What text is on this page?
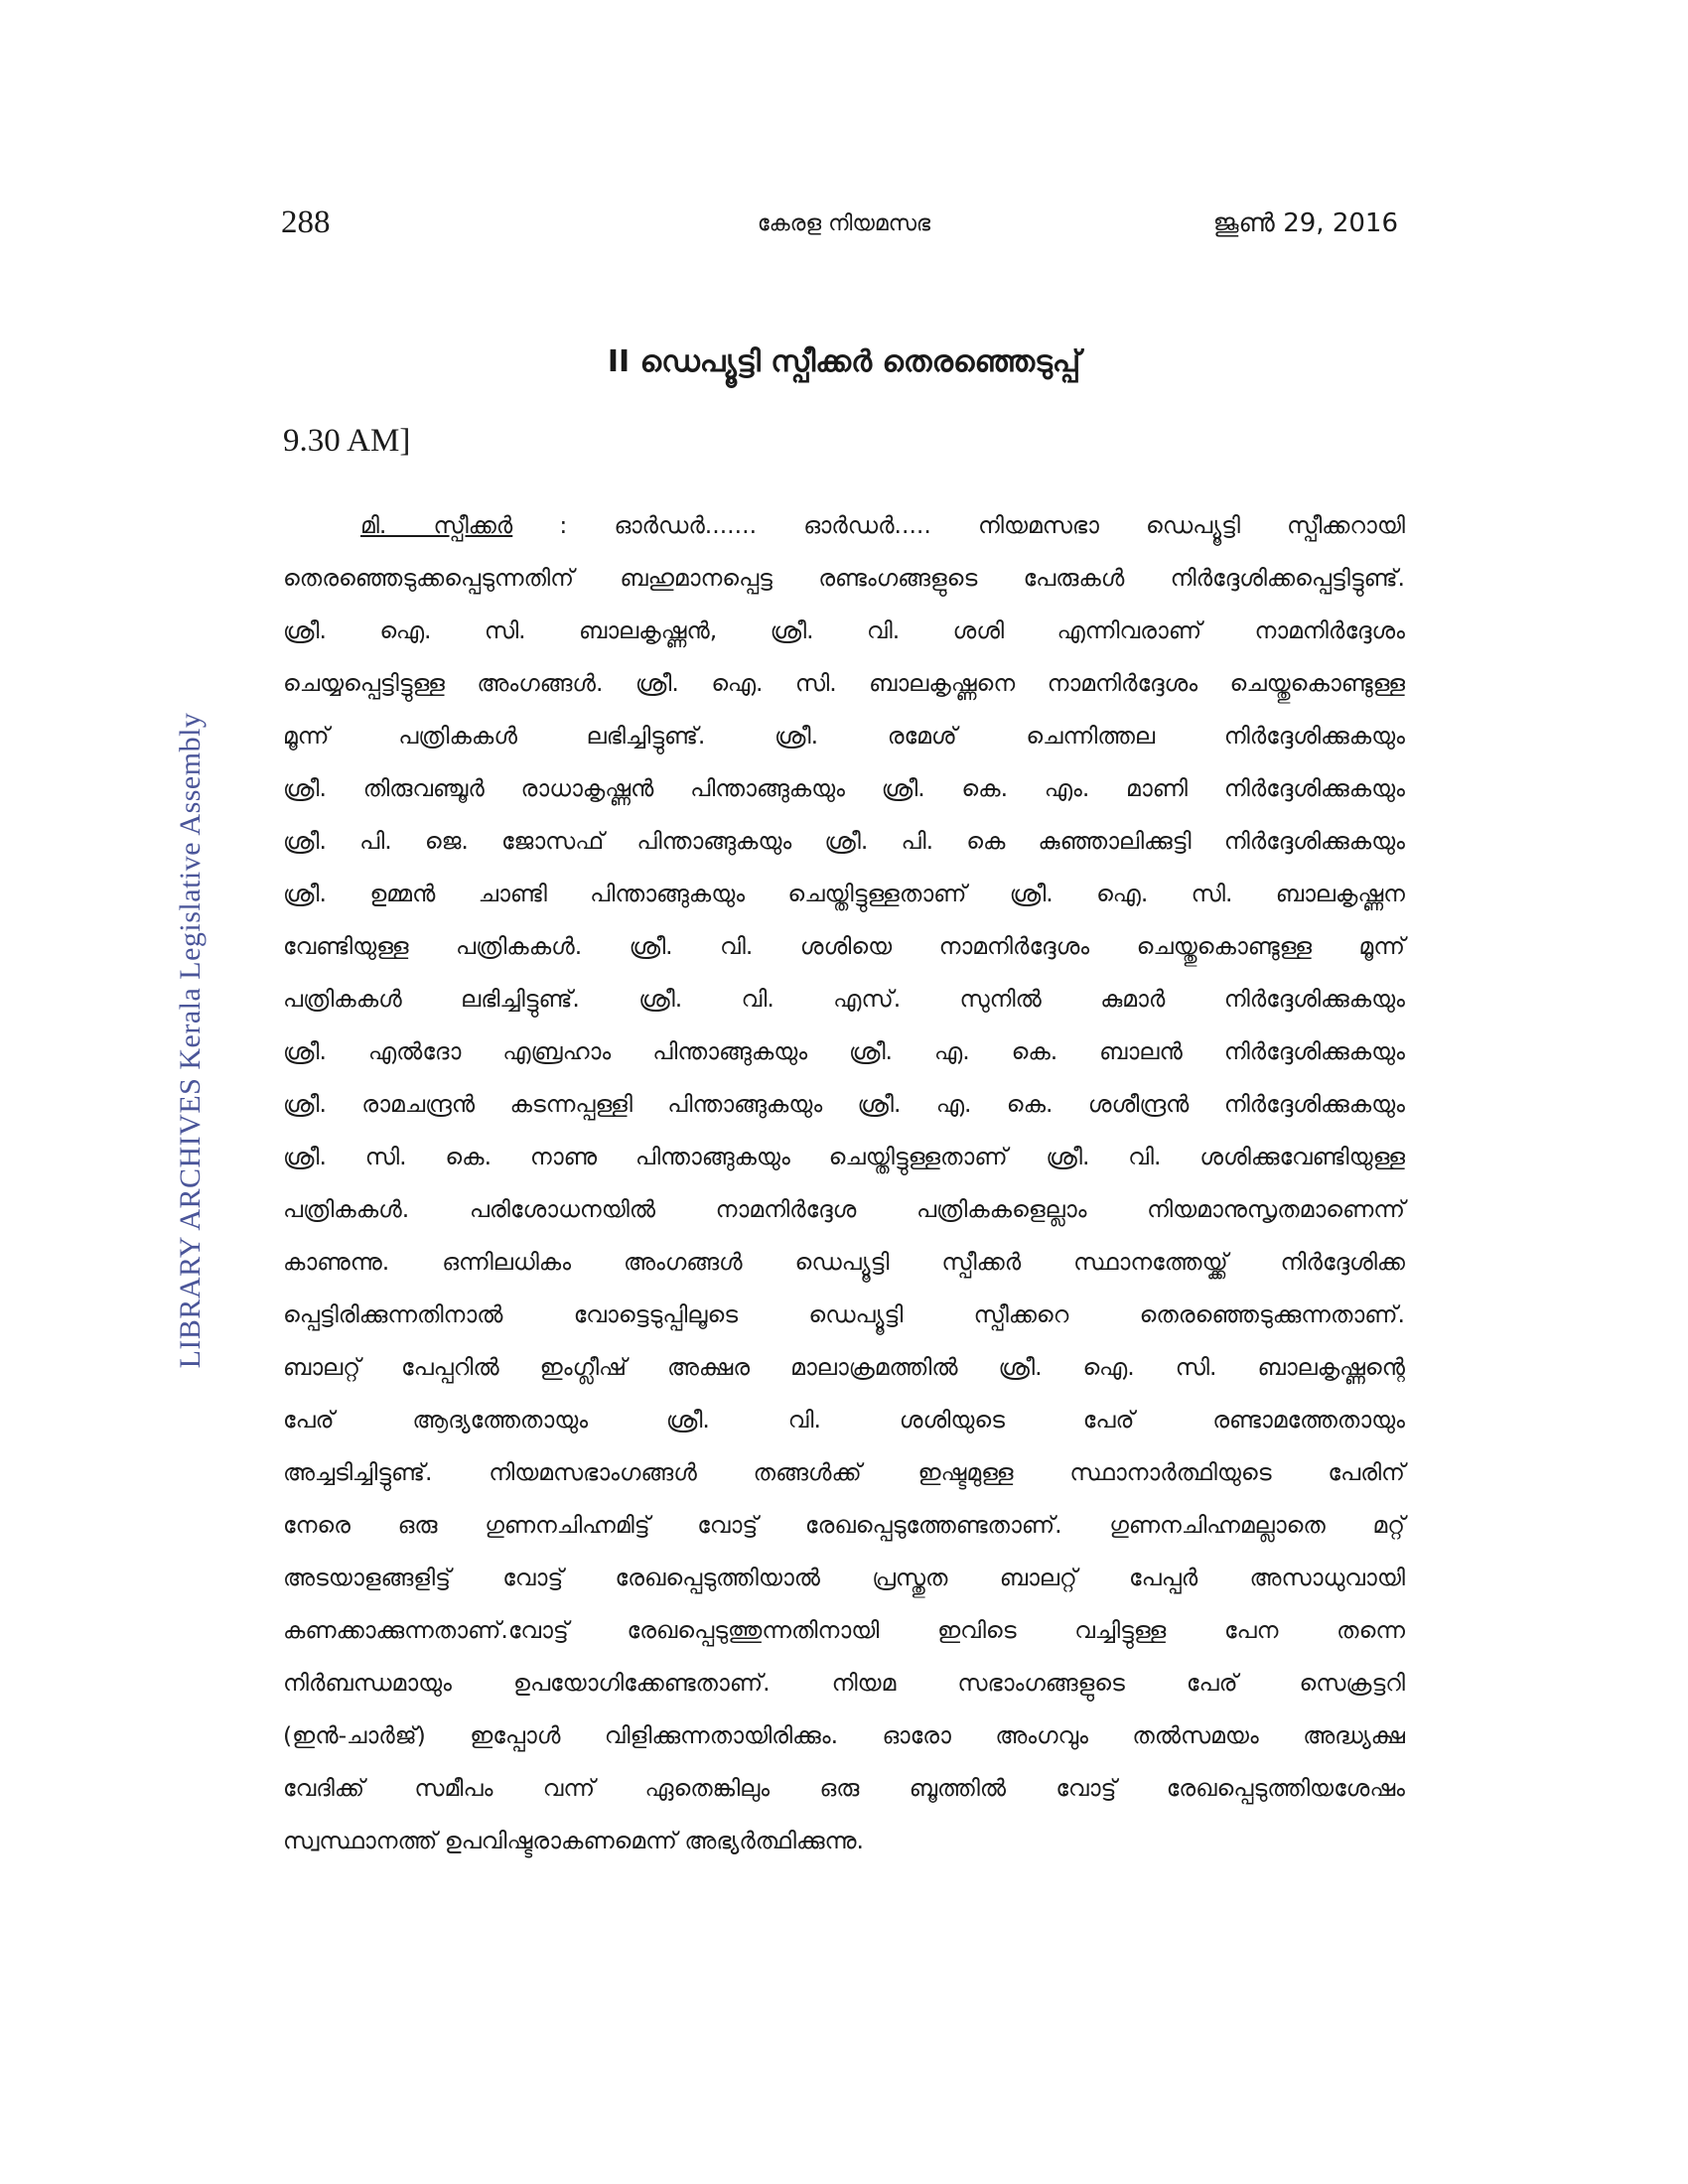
288	കേരള നിയമസഭ	ജൂൺ 29, 2016
LIBRARY ARCHIVES Kerala Legislative Assembly
II ഡെപ്യൂട്ടി സ്പീക്കർ തെരഞ്ഞെടുപ്പ്
9.30 AM]
മി. സ്പീക്കർ : ഓർഡർ....... ഓർഡർ..... നിയമസഭാ ഡെപ്യൂട്ടി സ്പീക്കറായി
തെരഞ്ഞെടുക്കപ്പെടുന്നതിന് ബഹുമാനപ്പെട്ട രണ്ടംഗങ്ങളുടെ പേരുകൾ നിർദ്ദേശിക്കപ്പെട്ടിട്ടുണ്ട്.
ശ്രീ. ഐ. സി. ബാലകൃഷ്ണൻ, ശ്രീ. വി. ശശി എന്നിവരാണ് നാമനിർദ്ദേശം
ചെയ്യപ്പെട്ടിട്ടുള്ള അംഗങ്ങൾ. ശ്രീ. ഐ. സി. ബാലകൃഷ്ണനെ നാമനിർദ്ദേശം ചെയ്തുകൊണ്ടുള്ള
മൂന്ന് പത്രികകൾ ലഭിച്ചിട്ടുണ്ട്. ശ്രീ. രമേശ് ചെന്നിത്തല നിർദ്ദേശിക്കുകയും
ശ്രീ. തിരുവഞ്ചൂർ രാധാകൃഷ്ണൻ പിന്താങ്ങുകയും ശ്രീ. കെ. എം. മാണി നിർദ്ദേശിക്കുകയും
ശ്രീ. പി. ജെ. ജോസഫ് പിന്താങ്ങുകയും ശ്രീ. പി. കെ കുഞ്ഞാലിക്കുട്ടി നിർദ്ദേശിക്കുകയും
ശ്രീ. ഉമ്മൻ ചാണ്ടി പിന്താങ്ങുകയും ചെയ്തിട്ടുള്ളതാണ് ശ്രീ. ഐ. സി. ബാലകൃഷ്ണന
വേണ്ടിയുള്ള പത്രികകൾ. ശ്രീ. വി. ശശിയെ നാമനിർദ്ദേശം ചെയ്തുകൊണ്ടുള്ള മൂന്ന്
പത്രികകൾ ലഭിച്ചിട്ടുണ്ട്. ശ്രീ. വി. എസ്. സുനിൽ കുമാർ നിർദ്ദേശിക്കുകയും
ശ്രീ. എൽദോ എബ്രഹാം പിന്താങ്ങുകയും ശ്രീ. എ. കെ. ബാലൻ നിർദ്ദേശിക്കുകയും
ശ്രീ. രാമചന്ദ്രൻ കടന്നപ്പള്ളി പിന്താങ്ങുകയും ശ്രീ. എ. കെ. ശശീന്ദ്രൻ നിർദ്ദേശിക്കുകയും
ശ്രീ. സി. കെ. നാണു പിന്താങ്ങുകയും ചെയ്തിട്ടുള്ളതാണ് ശ്രീ. വി. ശശിക്കുവേണ്ടിയുള്ള
പത്രികകൾ. പരിശോധനയിൽ നാമനിർദ്ദേശ പത്രികകളെല്ലാം നിയമാനുസൃതമാണെന്ന്
കാണുന്നു. ഒന്നിലധികം അംഗങ്ങൾ ഡെപ്യൂട്ടി സ്പീക്കർ സ്ഥാനത്തേയ്ക്ക് നിർദ്ദേശിക്ക
പ്പെട്ടിരിക്കുന്നതിനാൽ വോട്ടെടുപ്പിലൂടെ ഡെപ്യൂട്ടി സ്പീക്കറെ തെരഞ്ഞെടുക്കുന്നതാണ്.
ബാലറ്റ് പേപ്പറിൽ ഇംഗ്ലീഷ് അക്ഷര മാലാക്രമത്തിൽ ശ്രീ. ഐ. സി. ബാലകൃഷ്ണന്റെ
പേര് ആദ്യത്തേതായും ശ്രീ. വി. ശശിയുടെ പേര് രണ്ടാമത്തേതായും
അച്ചടിച്ചിട്ടുണ്ട്. നിയമസഭാംഗങ്ങൾ തങ്ങൾക്ക് ഇഷ്ടമുള്ള സ്ഥാനാർത്ഥിയുടെ പേരിന്
നേരെ ഒരു ഗുണനചിഹ്നമിട്ട് വോട്ട് രേഖപ്പെടുത്തേണ്ടതാണ്. ഗുണനചിഹ്നമല്ലാതെ മറ്റ്
അടയാളങ്ങളിട്ട് വോട്ട് രേഖപ്പെടുത്തിയാൽ പ്രസ്തുത ബാലറ്റ് പേപ്പർ അസാധുവായി
കണക്കാക്കുന്നതാണ്.വോട്ട് രേഖപ്പെടുത്തുന്നതിനായി ഇവിടെ വച്ചിട്ടുള്ള പേന തന്നെ
നിർബന്ധമായും ഉപയോഗിക്കേണ്ടതാണ്. നിയമ സഭാംഗങ്ങളുടെ പേര് സെക്രട്ടറി
(ഇൻ-ചാർജ്) ഇപ്പോൾ വിളിക്കുന്നതായിരിക്കും. ഓരോ അംഗവും തൽസമയം അദ്ധ്യക്ഷ
വേദിക്ക് സമീപം വന്ന് ഏതെങ്കിലും ഒരു ബൂത്തിൽ വോട്ട് രേഖപ്പെടുത്തിയശേഷം
സ്വസ്ഥാനത്ത് ഉപവിഷ്ടരാകണമെന്ന് അഭ്യർത്ഥിക്കുന്നു.
